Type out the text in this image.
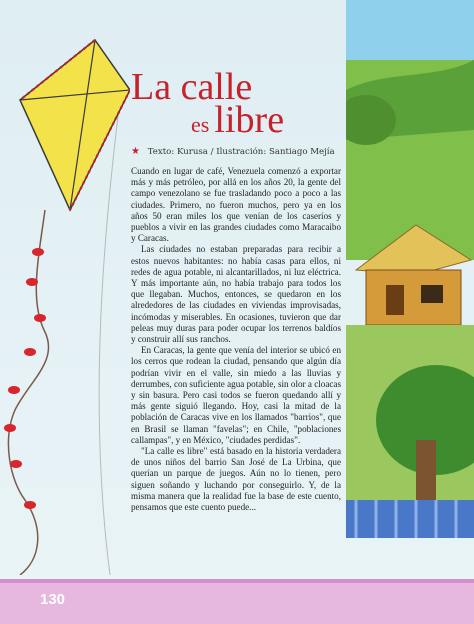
La calle
es libre
★ Texto: Kurusa / Ilustración: Santiago Mejía

Cuando en lugar de café, Venezuela comenzó a exportar más y más petróleo, por allá en los años 20, la gente del campo venezolano se fue trasladando poco a poco a las ciudades. Primero, no fueron muchos, pero ya en los años 50 eran miles los que venían de los caseríos y pueblos a vivir en las grandes ciudades como Maracaibo y Caracas.

Las ciudades no estaban preparadas para recibir a estos nuevos habitantes: no había casas para ellos, ni redes de agua potable, ni alcantarillados, ni luz eléctrica. Y más importante aún, no había trabajo para todos los que llegaban. Muchos, entonces, se quedaron en los alrededores de las ciudades en viviendas improvisadas, incómodas y miserables. En ocasiones, tuvieron que dar peleas muy duras para poder ocupar los terrenos baldíos y construir allí sus ranchos.

En Caracas, la gente que venía del interior se ubicó en los cerros que rodean la ciudad, pensando que algún día podrían vivir en el valle, sin miedo a las lluvias y derrumbes, con suficiente agua potable, sin olor a cloacas y sin basura. Pero casi todos se fueron quedando allí y más gente siguió llegando. Hoy, casi la mitad de la población de Caracas vive en los llamados "barrios", que en Brasil se llaman "favelas"; en Chile, "poblaciones callampas", y en México, "ciudades perdidas".

"La calle es libre" está basado en la historia verdadera de unos niños del barrio San José de La Urbina, que querían un parque de juegos. Aún no lo tienen, pero siguen soñando y luchando por conseguirlo. Y, de la misma manera que la realidad fue la base de este cuento, pensamos que este cuento puede...

130
